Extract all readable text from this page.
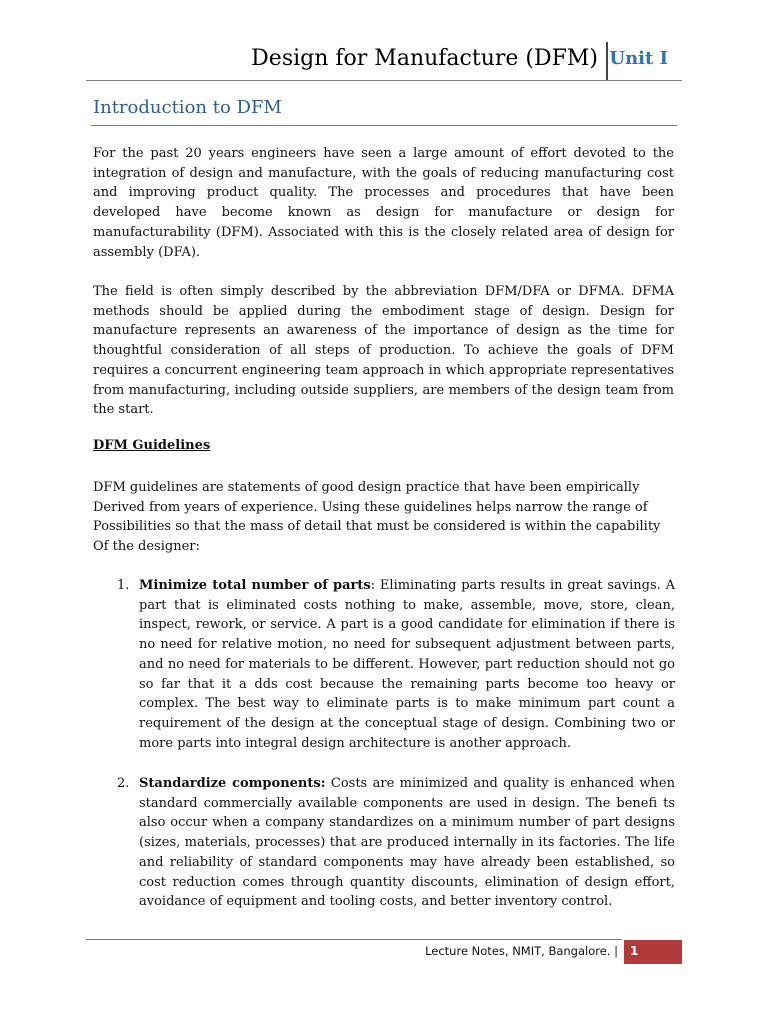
Design for Manufacture (DFM) Unit I
Introduction to DFM

For the past 20 years engineers have seen a large amount of effort devoted to the integration of design and manufacture, with the goals of reducing manufacturing cost and improving product quality. The processes and procedures that have been developed have become known as design for manufacture or design for manufacturability (DFM). Associated with this is the closely related area of design for assembly (DFA).

The field is often simply described by the abbreviation DFM/DFA or DFMA. DFMA methods should be applied during the embodiment stage of design. Design for manufacture represents an awareness of the importance of design as the time for thoughtful consideration of all steps of production. To achieve the goals of DFM requires a concurrent engineering team approach in which appropriate representatives from manufacturing, including outside suppliers, are members of the design team from the start.

DFM Guidelines

DFM guidelines are statements of good design practice that have been empirically
Derived from years of experience. Using these guidelines helps narrow the range of
Possibilities so that the mass of detail that must be considered is within the capability
Of the designer:

1. Minimize total number of parts: Eliminating parts results in great savings. A part that is eliminated costs nothing to make, assemble, move, store, clean, inspect, rework, or service. A part is a good candidate for elimination if there is no need for relative motion, no need for subsequent adjustment between parts, and no need for materials to be different. However, part reduction should not go so far that it a dds cost because the remaining parts become too heavy or complex. The best way to eliminate parts is to make minimum part count a requirement of the design at the conceptual stage of design. Combining two or more parts into integral design architecture is another approach.
2. Standardize components: Costs are minimized and quality is enhanced when standard commercially available components are used in design. The benefi ts also occur when a company standardizes on a minimum number of part designs (sizes, materials, processes) that are produced internally in its factories. The life and reliability of standard components may have already been established, so cost reduction comes through quantity discounts, elimination of design effort, avoidance of equipment and tooling costs, and better inventory control.
Lecture Notes, NMIT, Bangalore. | 1
